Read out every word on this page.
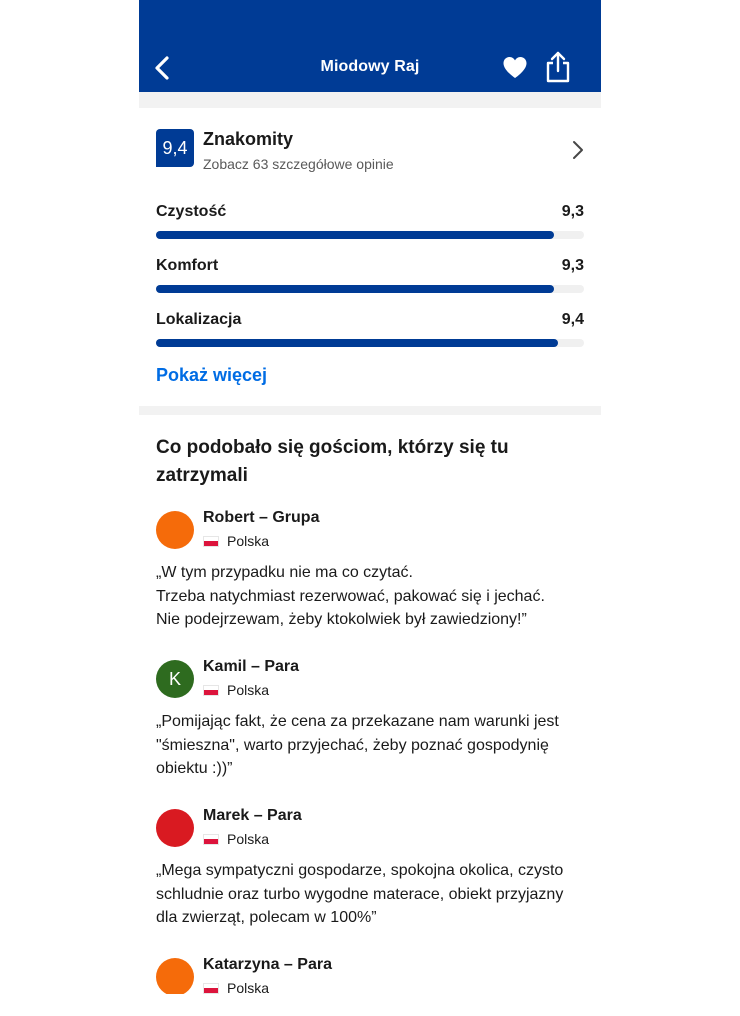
Miodowy Raj
9,4 Znakomity
Zobacz 63 szczegółowe opinie
Czystość	9,3
Komfort	9,3
Lokalizacja	9,4
Pokaż więcej
Co podobało się gościom, którzy się tu zatrzymali
Robert – Grupa
Polska
„W tym przypadku nie ma co czytać.
Trzeba natychmiast rezerwować, pakować się i jechać.
Nie podejrzewam, żeby ktokolwiek był zawiedziony!”
K
Kamil – Para
Polska
„Pomijając fakt, że cena za przekazane nam warunki jest "śmieszna", warto przyjechać, żeby poznać gospodynię obiektu :))”
Marek – Para
Polska
„Mega sympatyczni gospodarze, spokojna okolica, czysto schludnie oraz turbo wygodne materace, obiekt przyjazny dla zwierząt, polecam w 100%”
Katarzyna – Para
Polska
